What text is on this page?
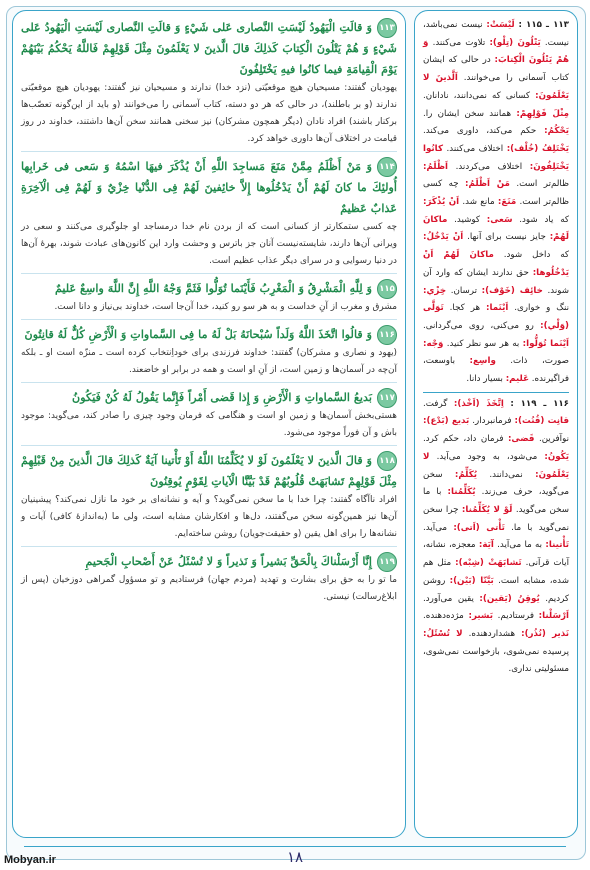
۱۱۳وَ قالَتِ الْيَهُودُ لَيْسَتِ النَّصارى عَلى شَيْءٍ وَ قالَتِ النَّصارى لَيْسَتِ الْيَهُودُ عَلى شَيْءٍ وَ هُمْ يَتْلُونَ الْكِتابَ كَذلِكَ قالَ الَّذينَ لا يَعْلَمُونَ مِثْلَ قَوْلِهِمْ فَاللَّهُ يَحْكُمُ بَيْنَهُمْ يَوْمَ الْقِيامَةِ فيما كانُوا فيهِ يَخْتَلِفُونَ

يهوديان گفتند: مسيحيان هيچ موقعيّتى (نزد خدا) ندارند و مسيحيان نيز گفتند: يهوديان هيچ موقعيّتى ندارند (و بر باطلند)، در حالى كه هر دو دسته، كتاب آسمانى را مى‌خوانند (و بايد از اين‌گونه تعصّب‌ها بركنار باشند) افراد نادان (ديگر همچون مشركان) نيز سخنى همانند سخن آن‌ها داشتند، خداوند در روز قيامت در اختلاف آن‌ها داورى خواهد كرد.

۱۱۴وَ مَنْ أَظْلَمُ مِمَّنْ مَنَعَ مَساجِدَ اللَّهِ أَنْ يُذْكَرَ فيهَا اسْمُهُ وَ سَعى فى خَرابِها أُولئِكَ ما كانَ لَهُمْ أَنْ يَدْخُلُوها إِلاَّ خائِفينَ لَهُمْ فِى الدُّنْيا خِزْيٌ وَ لَهُمْ فِى الْآخِرَةِ عَذابٌ عَظيمٌ

چه كسى ستمكارتر از كسانى است كه از بردن نام خدا درمساجد او جلوگيرى مى‌كنند و سعى در ويرانى آن‌ها دارند، شايسته‌نيست آنان جز باترس و وحشت وارد اين كانون‌هاى عبادت شوند، بهرۀ آن‌ها در دنيا رسوايى و در سراى ديگر عذاب عظيم است.

۱۱۵وَ لِلَّهِ الْمَشْرِقُ وَ الْمَغْرِبُ فَأَيْنَما تُوَلُّوا فَثَمَّ وَجْهُ اللَّهِ إِنَّ اللَّهَ واسِعٌ عَليمٌ

مشرق و مغرب از آنِ خداست و به هر سو رو كنيد، خدا آن‌جا است، خداوند بى‌نياز و دانا است.

۱۱۶وَ قالُوا اتَّخَذَ اللَّهُ وَلَداً سُبْحانَهُ بَلْ لَهُ ما فِى السَّماواتِ وَ الْأَرْضِ كُلٌّ لَهُ قانِتُونَ

(يهود و نصارى و مشركان) گفتند: خداوند فرزندى براى خوداِنتخاب كرده است ـ منزّه است او ـ بلكه آن‌چه در آسمان‌ها و زمين است، از آنِ او است و همه در برابر او خاضعند.

۱۱۷بَديعُ السَّماواتِ وَ الْأَرْضِ وَ إِذا قَضى أَمْراً فَإِنَّما يَقُولُ لَهُ كُنْ فَيَكُونُ

هستى‌بخش آسمان‌ها و زمين او است و هنگامى كه فرمان وجود چيزى را صادر كند، مى‌گويد: موجود باش و آن فوراً موجود مى‌شود.

۱۱۸وَ قالَ الَّذينَ لا يَعْلَمُونَ لَوْ لا يُكَلِّمُنَا اللَّهُ أَوْ تَأْتينا آيَةٌ كَذلِكَ قالَ الَّذينَ مِنْ قَبْلِهِمْ مِثْلَ قَوْلِهِمْ تَشابَهَتْ قُلُوبُهُمْ قَدْ بَيَّنَّا الْآياتِ لِقَوْمٍ يُوقِنُونَ

افراد ناآگاه گفتند: چرا خدا با ما سخن نمى‌گويد؟ و آيه و نشانه‌اى بر خود ما نازل نمى‌كند؟ پيشينيان آن‌ها نيز همين‌گونه سخن مى‌گفتند، دل‌ها و افكارشان مشابه است، ولى ما (به‌اندازۀ كافى) آيات و نشانه‌ها را براى اهل يقين (و حقيقت‌جويان) روشن ساخته‌ايم.

۱۱۹إِنَّا أَرْسَلْناكَ بِالْحَقِّ بَشيراً وَ نَذيراً وَ لا تُسْئَلُ عَنْ أَصْحابِ الْجَحيمِ

ما تو را به حق براى بشارت و تهديد (مردم جهان) فرستاديم و تو مسؤول گمراهى دوزخيان (پس از ابلاغ‌رسالت) نيستى.

۱۱۳ ـ ۱۱۵ : لَيْسَتْ: نيست نمى‌باشد، نيست. يَتْلُونَ (تِلْو): تلاوت مى‌كنند. وَ هُمْ يَتْلُونَ الْكِتابَ: در حالى كه ايشان كتاب آسمانى را مى‌خوانند. اَلَّذينَ لا يَعْلَمُونَ: كسانى كه نمى‌دانند، نادانان. مِثْلَ قَوْلِهِمْ: همانند سخن ايشان را. يَحْكُمُ: حكم مى‌كند، داورى مى‌كند. يَخْتَلِفُ (خُلْف): اختلاف مى‌كنند. كانُوا يَخْتَلِفُونَ: اختلاف مى‌كردند. اَظْلَمُ: ظالم‌تر است. مَنْ اَظْلَمُ: چه كسى ظالم‌تر است. مَنَعَ: مانع شد. اَنْ يُذْكَرَ: كه ياد شود. سَعى: كوشيد. ماكانَ لَهُمْ: جايز نيست براى آنها. اَنْ يَدْخُلُ: كه داخل شود. ماكانَ لَهُمْ اَنْ يَدْخُلُوها: حق ندارند ايشان كه وارد آن شوند. خائِف (خَوْف): ترسان. خِزْي: ننگ و خوارى. اَيْنَما: هر كجا. تَوَلَّى (وَلْي): رو مى‌كنى، روى مى‌گردانى. اَيْنَما تُوَلُّوا: به هر سو نظر كنيد. وَجْه: صورت، ذات. واسِع: باوسعت، فراگيرنده. عَليم: بسيار دانا.

۱۱۶ ـ ۱۱۹ : اِتَّخَذَ (اَخْذ): گرفت. قانِت (قُنُت): فرمانبردار. بَديع (بَدْع): نوآفرين. قَضى: فرمان داد، حكم كرد. يَكُونُ: مى‌شود، به وجود مى‌آيد. لا يَعْلَمُونَ: نمى‌دانند. يُكَلِّمُ: سخن مى‌گويد، حرف مى‌زند. يُكَلِّمُنا: با ما سخن مى‌گويد. لَوْ لا يُكَلِّمُنا: چرا سخن نمى‌گويد با ما. تَأْتى (اَتى): مى‌آيد. تَأْتينا: به ما مى‌آيد. آيَة: معجزه، نشانه، آيات قرآنى. تَشابَهَتْ (شِبْه): مثل هم شده، مشابه است. بَيَّنّا (بَيْن): روشن كرديم. يُوقِنُ (يَقين): يقين مى‌آورد. اَرْسَلْنا: فرستاديم. بَشير: مژده‌دهنده. نَذير (نُذُر): هشداردهنده. لا تُسْئَلُ: پرسيده نمى‌شوى، بازخواست نمى‌شوى، مسئوليتى ندارى.

۱۸
Mobyan.ir
